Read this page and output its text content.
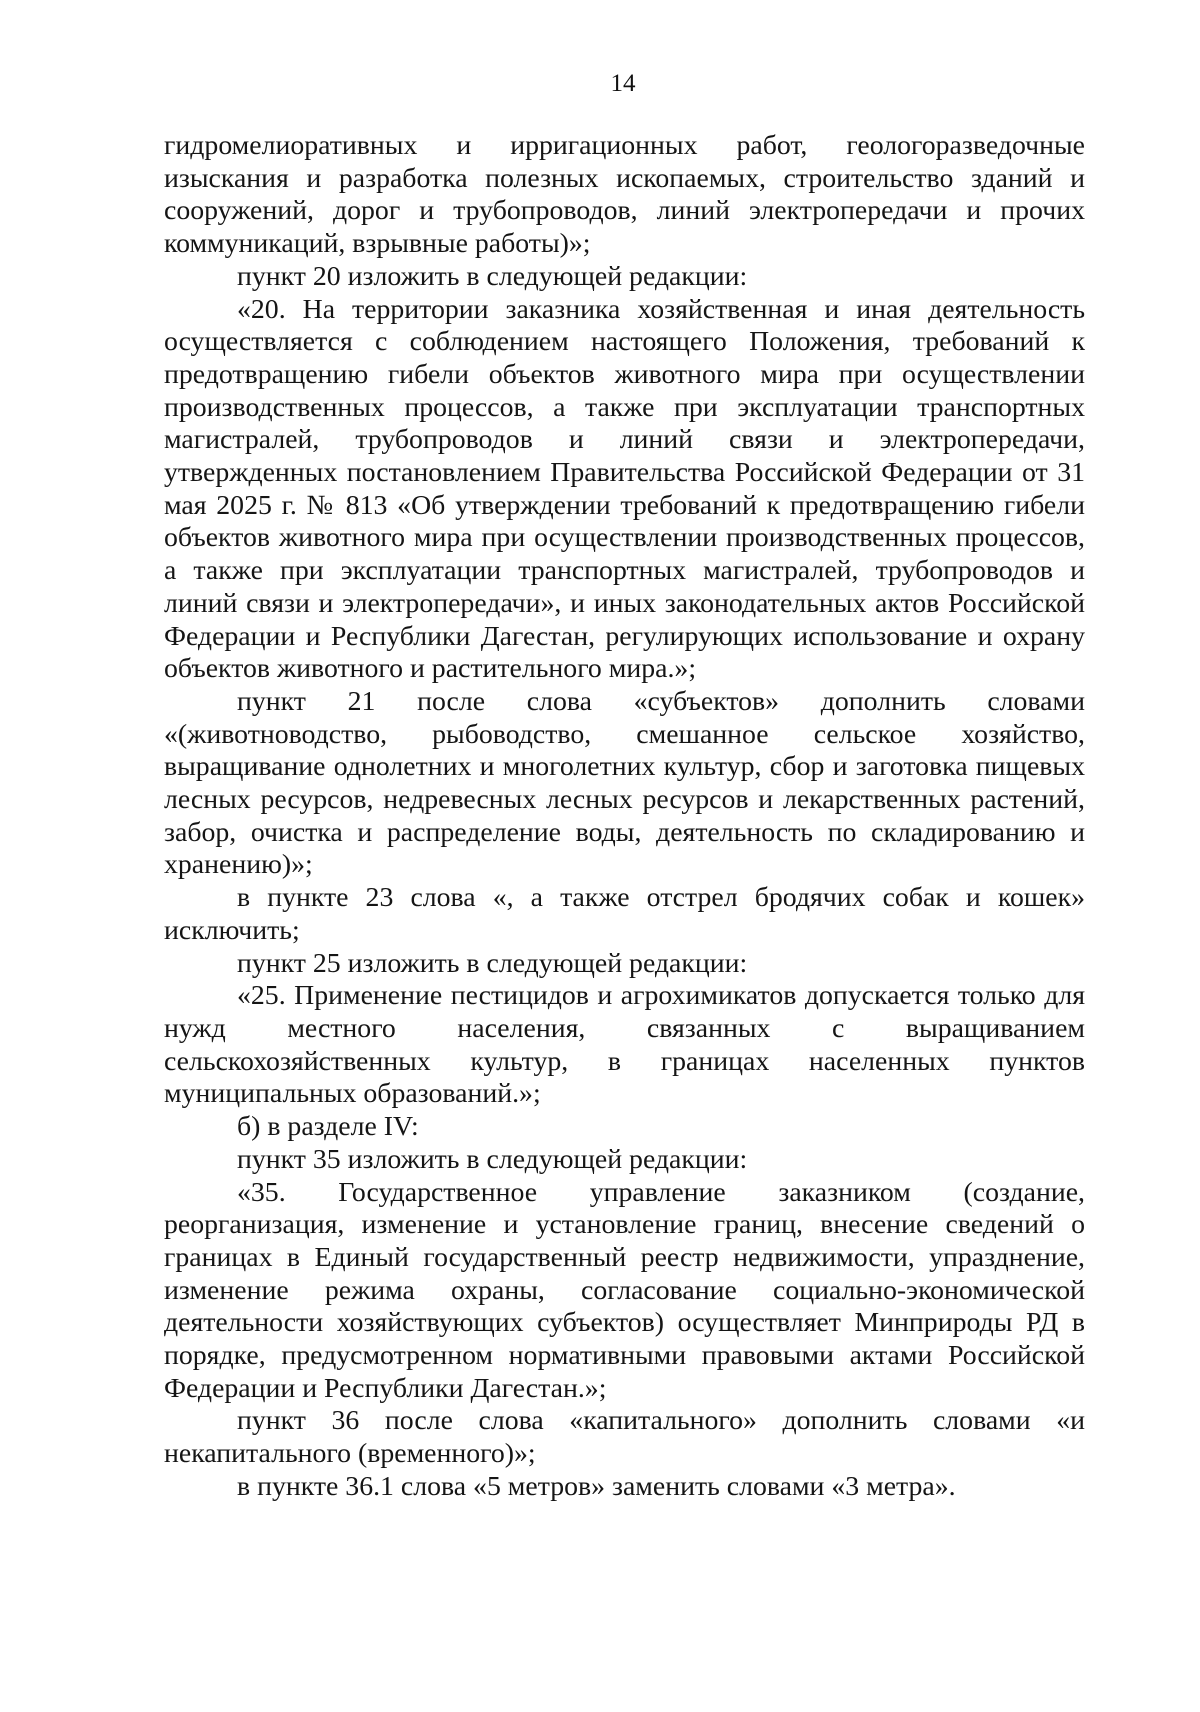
14

гидромелиоративных и ирригационных работ, геологоразведочные изыскания и разработка полезных ископаемых, строительство зданий и сооружений, дорог и трубопроводов, линий электропередачи и прочих коммуникаций, взрывные работы)»;

пункт 20 изложить в следующей редакции:

«20. На территории заказника хозяйственная и иная деятельность осуществляется с соблюдением настоящего Положения, требований к предотвращению гибели объектов животного мира при осуществлении производственных процессов, а также при эксплуатации транспортных магистралей, трубопроводов и линий связи и электропередачи, утвержденных постановлением Правительства Российской Федерации от 31 мая 2025 г. № 813 «Об утверждении требований к предотвращению гибели объектов животного мира при осуществлении производственных процессов, а также при эксплуатации транспортных магистралей, трубопроводов и линий связи и электропередачи», и иных законодательных актов Российской Федерации и Республики Дагестан, регулирующих использование и охрану объектов животного и растительного мира.»;

пункт 21 после слова «субъектов» дополнить словами «(животноводство, рыбоводство, смешанное сельское хозяйство, выращивание однолетних и многолетних культур, сбор и заготовка пищевых лесных ресурсов, недревесных лесных ресурсов и лекарственных растений, забор, очистка и распределение воды, деятельность по складированию и хранению)»;

в пункте 23 слова «, а также отстрел бродячих собак и кошек» исключить;

пункт 25 изложить в следующей редакции:

«25. Применение пестицидов и агрохимикатов допускается только для нужд местного населения, связанных с выращиванием сельскохозяйственных культур, в границах населенных пунктов муниципальных образований.»;

б) в разделе IV:

пункт 35 изложить в следующей редакции:

«35. Государственное управление заказником (создание, реорганизация, изменение и установление границ, внесение сведений о границах в Единый государственный реестр недвижимости, упразднение, изменение режима охраны, согласование социально-экономической деятельности хозяйствующих субъектов) осуществляет Минприроды РД в порядке, предусмотренном нормативными правовыми актами Российской Федерации и Республики Дагестан.»;

пункт 36 после слова «капитального» дополнить словами «и некапитального (временного)»;

в пункте 36.1 слова «5 метров» заменить словами «3 метра».
